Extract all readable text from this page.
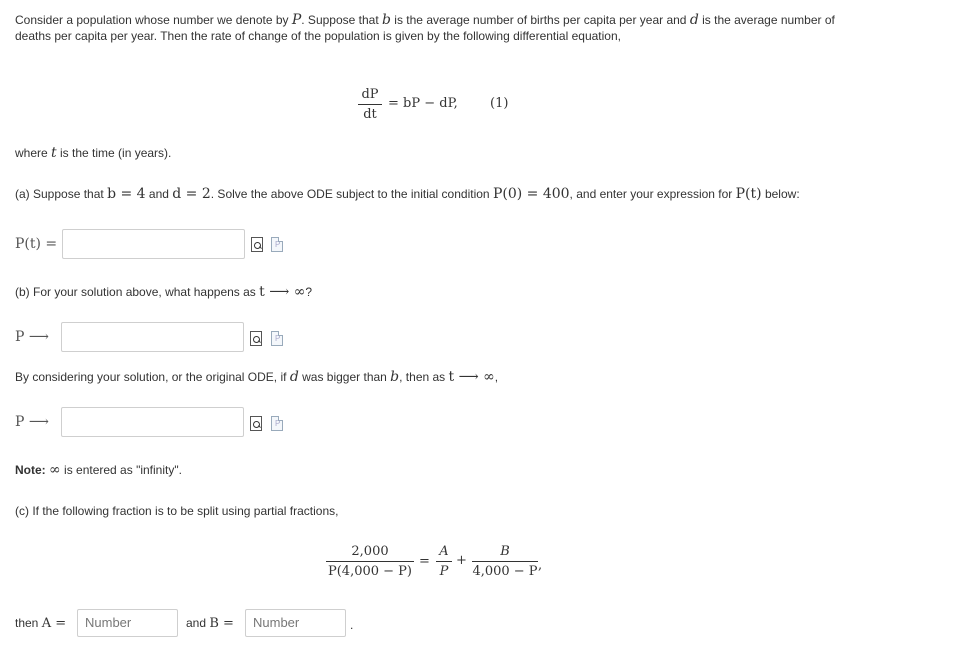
Consider a population whose number we denote by P. Suppose that b is the average number of births per capita per year and d is the average number of
deaths per capita per year. Then the rate of change of the population is given by the following differential equation,
dP
dt
= bP − dP, (1)
where t is the time (in years).
(a) Suppose that b = 4 and d = 2. Solve the above ODE subject to the initial condition P(0) = 400, and enter your expression for P(t) below:
P(t) =
P
(b) For your solution above, what happens as t ⟶ ∞?
P ⟶
P
By considering your solution, or the original ODE, if d was bigger than b, then as t ⟶ ∞,
P ⟶
P
Note: ∞ is entered as "infinity".
(c) If the following fraction is to be split using partial fractions,
2,000
P(4,000 − P)
=
A
P
+
B
4,000 − P ,
then A =	Number	and B =	Number	.
